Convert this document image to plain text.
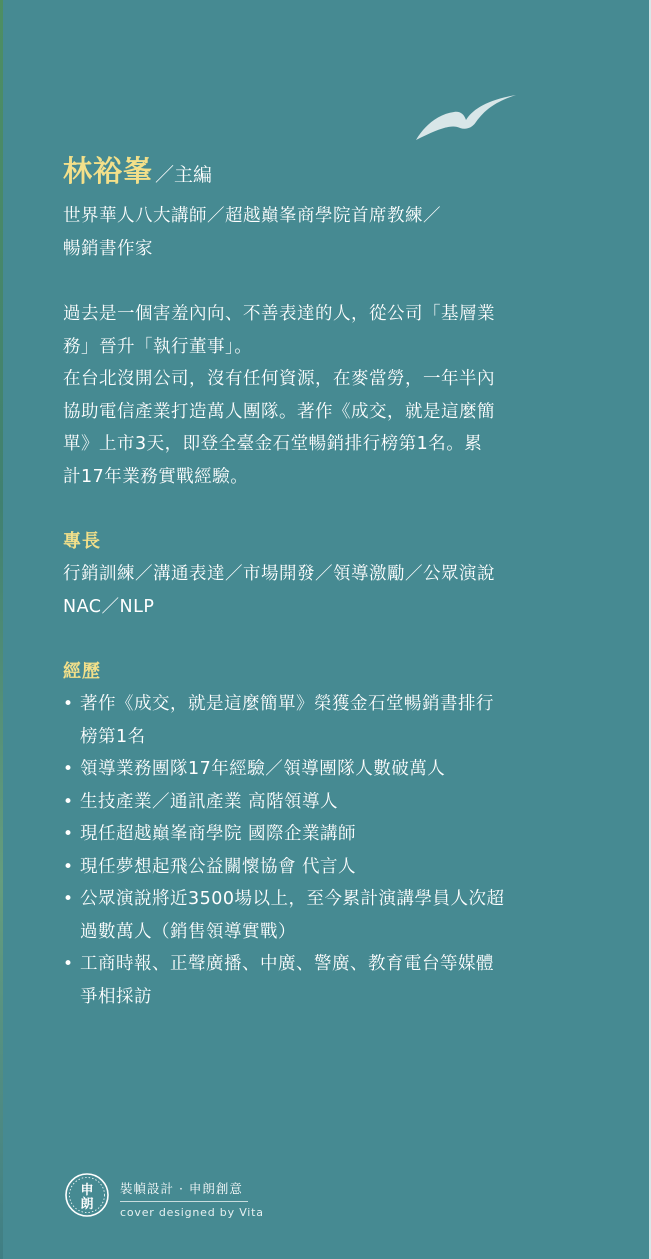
林裕峯 ／主編

世界華人八大講師／超越巔峯商學院首席教練／

暢銷書作家

過去是一個害羞內向、不善表達的人，從公司「基層業

務」晉升「執行董事」。

在台北沒開公司，沒有任何資源，在麥當勞，一年半內

協助電信產業打造萬人團隊。著作《成交，就是這麼簡

單》上市3天，即登全臺金石堂暢銷排行榜第1名。累

計17年業務實戰經驗。

專長

行銷訓練／溝通表達／市場開發／領導激勵／公眾演說

NAC／NLP

經歷
• 著作《成交，就是這麼簡單》榮獲金石堂暢銷書排行
榜第1名
• 領導業務團隊17年經驗／領導團隊人數破萬人
• 生技產業／通訊產業 高階領導人
• 現任超越巔峯商學院 國際企業講師
• 現任夢想起飛公益關懷協會 代言人
• 公眾演說將近3500場以上，至今累計演講學員人次超
過數萬人（銷售領導實戰）
• 工商時報、正聲廣播、中廣、警廣、教育電台等媒體
爭相採訪
申
朗
裝幀設計 · 申朗創意
cover designed by Vita
